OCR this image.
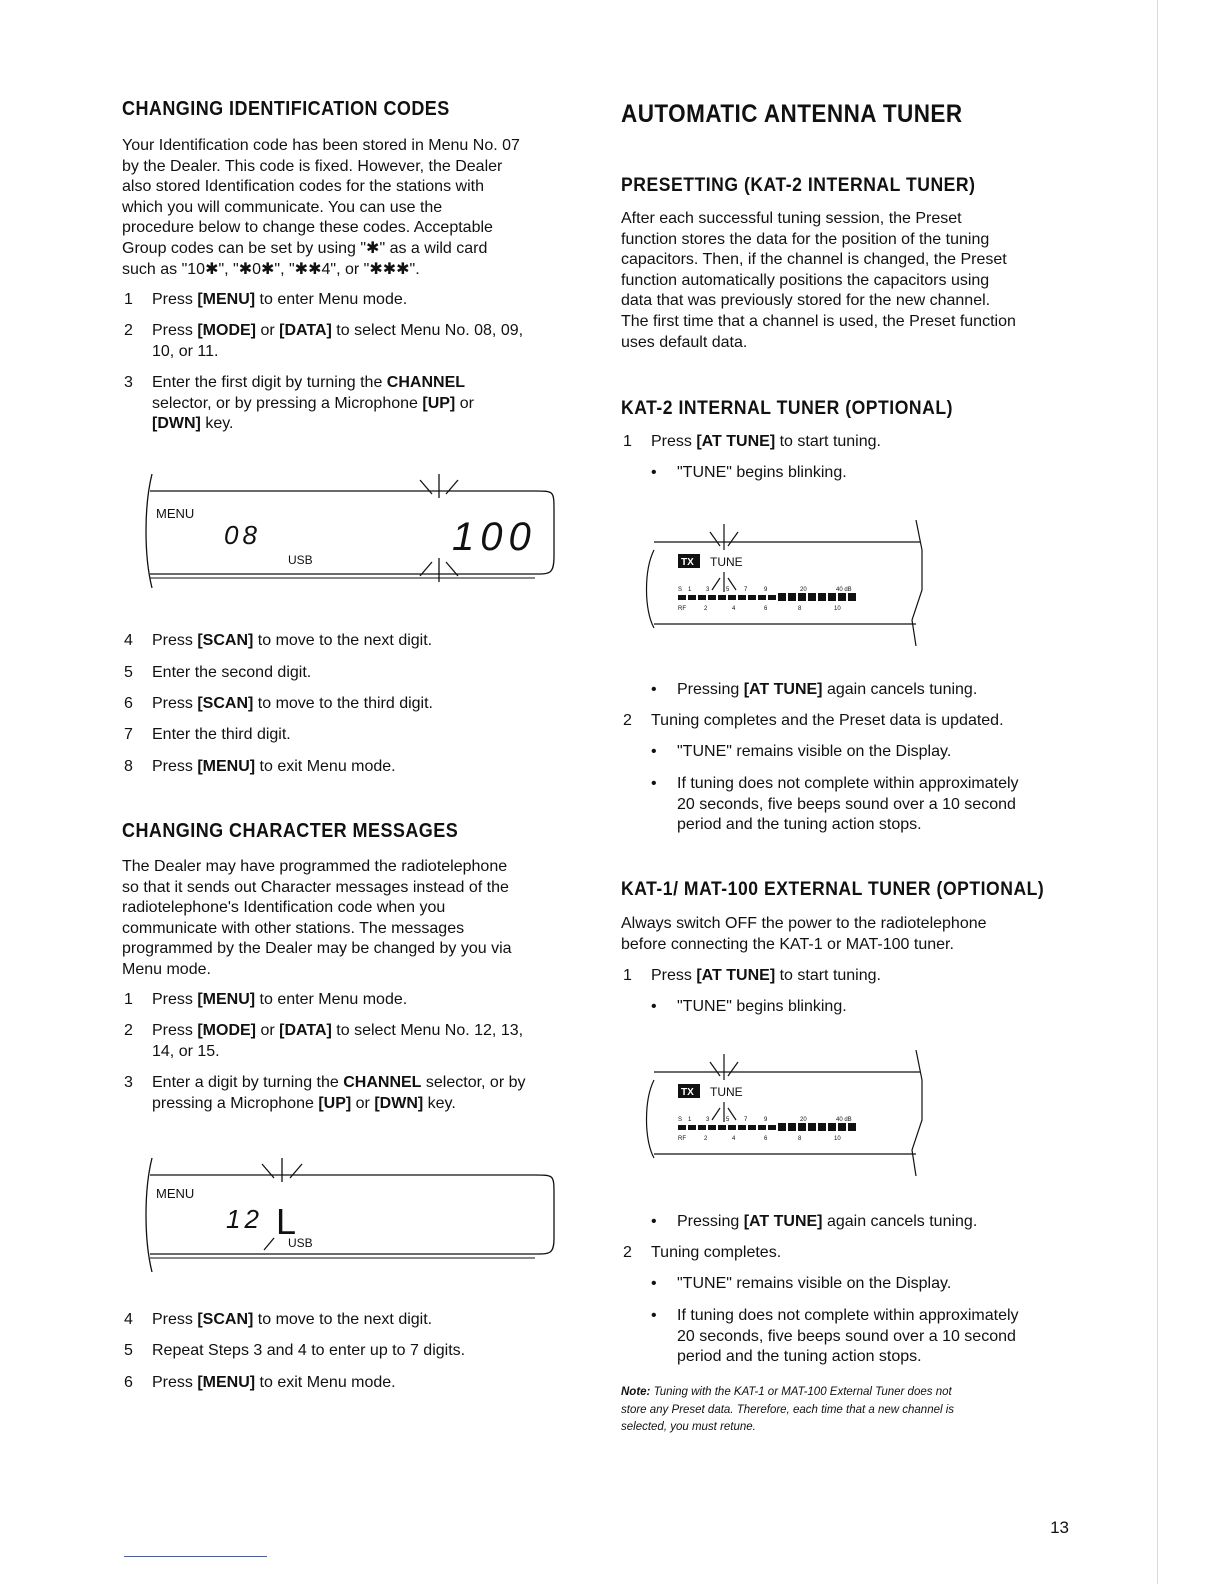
CHANGING IDENTIFICATION CODES

Your Identification code has been stored in Menu No. 07

by the Dealer. This code is fixed. However, the Dealer

also stored Identification codes for the stations with

which you will communicate. You can use the

procedure below to change these codes. Acceptable

Group codes can be set by using "✱" as a wild card

such as "10✱", "✱0✱", "✱✱4", or "✱✱✱".

1 Press [MENU] to enter Menu mode.
2 Press [MODE] or [DATA] to select Menu No. 08, 09,
10, or 11.
3 Enter the first digit by turning the CHANNEL
selector, or by pressing a Microphone [UP] or
[DWN] key.
MENU
08
USB
100
4 Press [SCAN] to move to the next digit.
5 Enter the second digit.
6 Press [SCAN] to move to the third digit.
7 Enter the third digit.
8 Press [MENU] to exit Menu mode.
CHANGING CHARACTER MESSAGES

The Dealer may have programmed the radiotelephone

so that it sends out Character messages instead of the

radiotelephone's Identification code when you

communicate with other stations. The messages

programmed by the Dealer may be changed by you via

Menu mode.

1 Press [MENU] to enter Menu mode.
2 Press [MODE] or [DATA] to select Menu No. 12, 13,
14, or 15.
3 Enter a digit by turning the CHANNEL selector, or by
pressing a Microphone [UP] or [DWN] key.
MENU
12 L
USB
4 Press [SCAN] to move to the next digit.
5 Repeat Steps 3 and 4 to enter up to 7 digits.
6 Press [MENU] to exit Menu mode.
AUTOMATIC ANTENNA TUNER
PRESETTING (KAT-2 INTERNAL TUNER)

After each successful tuning session, the Preset

function stores the data for the position of the tuning

capacitors. Then, if the channel is changed, the Preset

function automatically positions the capacitors using

data that was previously stored for the new channel.

The first time that a channel is used, the Preset function

uses default data.

KAT-2 INTERNAL TUNER (OPTIONAL)
1 Press [AT TUNE] to start tuning.
• "TUNE" begins blinking.
TX TUNE
S 1 3	5 7	9	20	40 dB
RF	2	4	6	8	10
• Pressing [AT TUNE] again cancels tuning.
2 Tuning completes and the Preset data is updated.
• "TUNE" remains visible on the Display.
• If tuning does not complete within approximately
20 seconds, five beeps sound over a 10 second
period and the tuning action stops.
KAT-1/ MAT-100 EXTERNAL TUNER (OPTIONAL)

Always switch OFF the power to the radiotelephone

before connecting the KAT-1 or MAT-100 tuner.

1 Press [AT TUNE] to start tuning.
• "TUNE" begins blinking.
TX TUNE
S 1 3	5 7	9	20	40 dB
RF	2	4	6	8	10
• Pressing [AT TUNE] again cancels tuning.
2 Tuning completes.
• "TUNE" remains visible on the Display.
• If tuning does not complete within approximately
20 seconds, five beeps sound over a 10 second
period and the tuning action stops.

Note: Tuning with the KAT-1 or MAT-100 External Tuner does not

store any Preset data. Therefore, each time that a new channel is

selected, you must retune.

13
